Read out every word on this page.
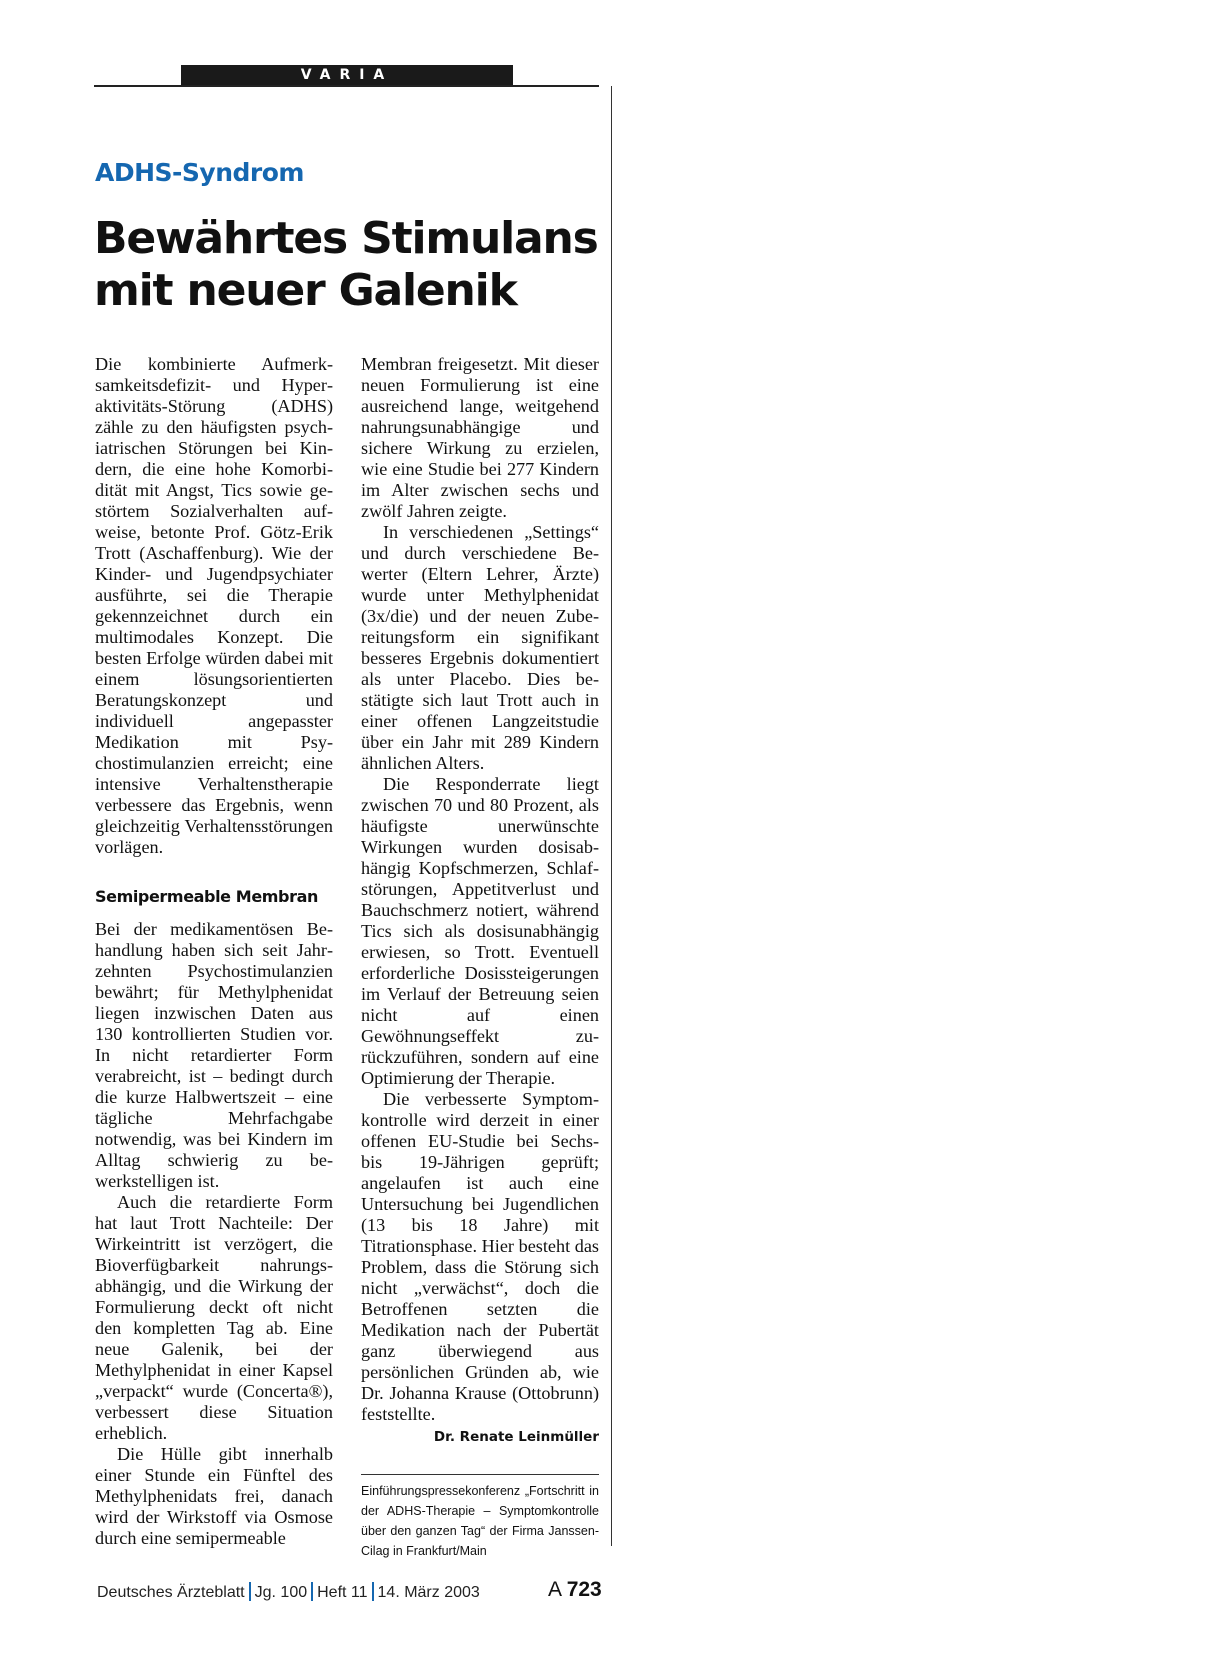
VARIA
ADHS-Syndrom
Bewährtes Stimulans
mit neuer Galenik

Die kombinierte Aufmerksamkeitsdefizit- und Hyperaktivitäts-Störung (ADHS) zähle zu den häufigsten psychiatrischen Störungen bei Kindern, die eine hohe Komorbidität mit Angst, Tics sowie gestörtem Sozialverhalten aufweise, betonte Prof. Götz-Erik Trott (Aschaffenburg). Wie der Kinder- und Jugendpsychiater ausführte, sei die Therapie gekennzeichnet durch ein multimodales Konzept. Die besten Erfolge würden dabei mit einem lösungsorientierten Beratungskonzept und individuell angepasster Medikation mit Psychostimulanzien erreicht; eine intensive Verhaltenstherapie verbessere das Ergebnis, wenn gleichzeitig Verhaltensstörungen vorlägen.

Semipermeable Membran

Bei der medikamentösen Behandlung haben sich seit Jahrzehnten Psychostimulanzien bewährt; für Methylphenidat liegen inzwischen Daten aus 130 kontrollierten Studien vor. In nicht retardierter Form verabreicht, ist – bedingt durch die kurze Halbwertszeit – eine tägliche Mehrfachgabe notwendig, was bei Kindern im Alltag schwierig zu bewerkstelligen ist.

Auch die retardierte Form hat laut Trott Nachteile: Der Wirkeintritt ist verzögert, die Bioverfügbarkeit nahrungsabhängig, und die Wirkung der Formulierung deckt oft nicht den kompletten Tag ab. Eine neue Galenik, bei der Methylphenidat in einer Kapsel „verpackt“ wurde (Concerta®), verbessert diese Situation erheblich.

Die Hülle gibt innerhalb einer Stunde ein Fünftel des Methylphenidats frei, danach wird der Wirkstoff via Osmose durch eine semipermeable

Membran freigesetzt. Mit dieser neuen Formulierung ist eine ausreichend lange, weitgehend nahrungsunabhängige und sichere Wirkung zu erzielen, wie eine Studie bei 277 Kindern im Alter zwischen sechs und zwölf Jahren zeigte.

In verschiedenen „Settings“ und durch verschiedene Bewerter (Eltern Lehrer, Ärzte) wurde unter Methylphenidat (3x/die) und der neuen Zubereitungsform ein signifikant besseres Ergebnis dokumentiert als unter Placebo. Dies bestätigte sich laut Trott auch in einer offenen Langzeitstudie über ein Jahr mit 289 Kindern ähnlichen Alters.

Die Responderrate liegt zwischen 70 und 80 Prozent, als häufigste unerwünschte Wirkungen wurden dosisabhängig Kopfschmerzen, Schlafstörungen, Appetitverlust und Bauchschmerz notiert, während Tics sich als dosisunabhängig erwiesen, so Trott. Eventuell erforderliche Dosissteigerungen im Verlauf der Betreuung seien nicht auf einen Gewöhnungseffekt zurückzuführen, sondern auf eine Optimierung der Therapie.

Die verbesserte Symptomkontrolle wird derzeit in einer offenen EU-Studie bei Sechs- bis 19-Jährigen geprüft; angelaufen ist auch eine Untersuchung bei Jugendlichen (13 bis 18 Jahre) mit Titrationsphase. Hier besteht das Problem, dass die Störung sich nicht „verwächst“, doch die Betroffenen setzten die Medikation nach der Pubertät ganz überwiegend aus persönlichen Gründen ab, wie Dr. Johanna Krause (Ottobrunn) feststellte.

Dr. Renate Leinmüller
Einführungspressekonferenz „Fortschritt in der ADHS-Therapie – Symptomkontrolle über den ganzen Tag“ der Firma Janssen-Cilag in Frankfurt/Main
Deutsches Ärzteblatt Jg. 100 Heft 11 14. März 2003	A 723
